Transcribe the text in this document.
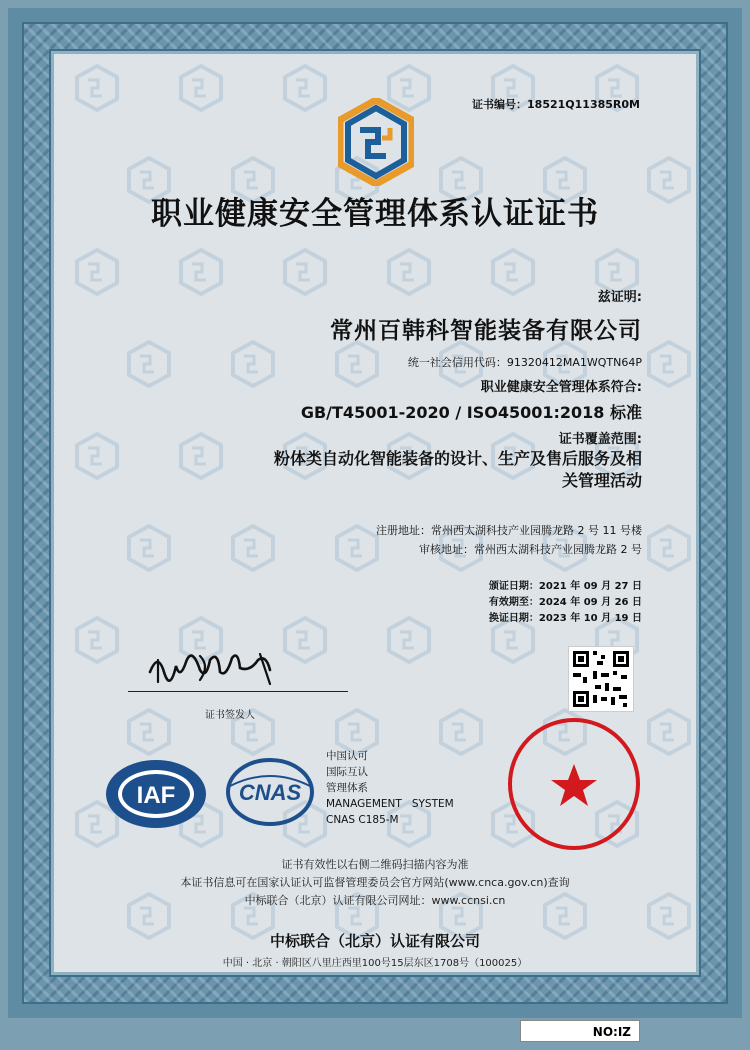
证书编号：18521Q11385R0M
职业健康安全管理体系认证证书
兹证明:
常州百韩科智能装备有限公司
统一社会信用代码：91320412MA1WQTN64P
职业健康安全管理体系符合:
GB/T45001-2020 / ISO45001:2018 标准
证书覆盖范围:
粉体类自动化智能装备的设计、生产及售后服务及相
关管理活动
注册地址：常州西太湖科技产业园腾龙路 2 号 11 号楼
审核地址：常州西太湖科技产业园腾龙路 2 号
颁证日期：2021 年 09 月 27 日
有效期至：2024 年 09 月 26 日
换证日期：2023 年 10 月 19 日
证书签发人
IAF	CNAS
中国认可
国际互认
管理体系
MANAGEMENT   SYSTEM
CNAS C185-M
证书有效性以右侧二维码扫描内容为准
本证书信息可在国家认证认可监督管理委员会官方网站(www.cnca.gov.cn)查询
中标联合（北京）认证有限公司网址：www.ccnsi.cn
中标联合（北京）认证有限公司
中国 · 北京 · 朝阳区八里庄西里100号15层东区1708号（100025）
NO:IZ
